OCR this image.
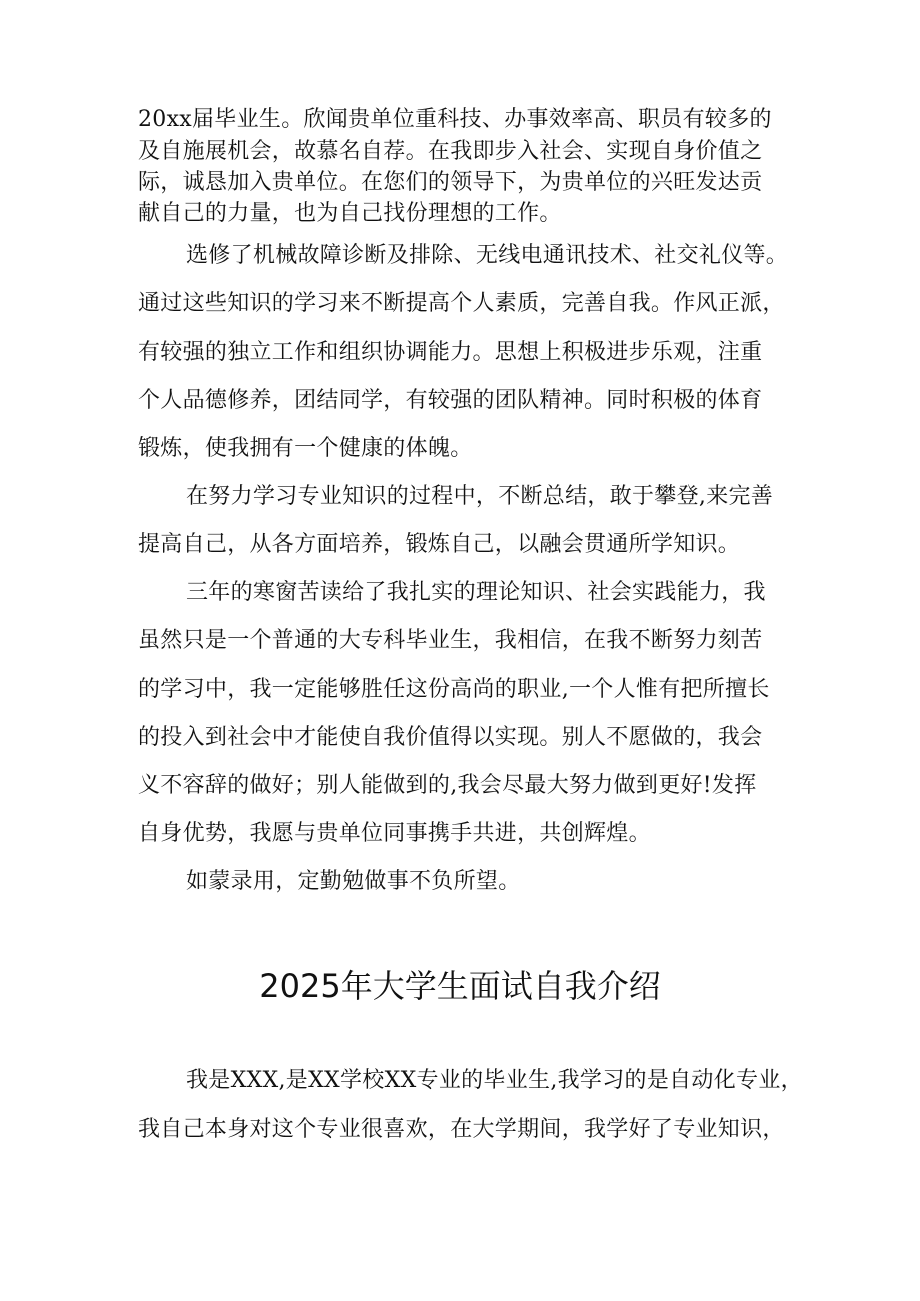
20xx届毕业生。欣闻贵单位重科技、办事效率高、职员有较多的
及自施展机会，故慕名自荐。在我即步入社会、实现自身价值之
际，诚恳加入贵单位。在您们的领导下，为贵单位的兴旺发达贡
献自己的力量，也为自己找份理想的工作。
选修了机械故障诊断及排除、无线电通讯技术、社交礼仪等。
通过这些知识的学习来不断提高个人素质，完善自我。作风正派，
有较强的独立工作和组织协调能力。思想上积极进步乐观，注重
个人品德修养，团结同学，有较强的团队精神。同时积极的体育
锻炼，使我拥有一个健康的体魄。
在努力学习专业知识的过程中，不断总结，敢于攀登,来完善
提高自己，从各方面培养，锻炼自己，以融会贯通所学知识。
三年的寒窗苦读给了我扎实的理论知识、社会实践能力，我
虽然只是一个普通的大专科毕业生，我相信，在我不断努力刻苦
的学习中，我一定能够胜任这份高尚的职业,一个人惟有把所擅长
的投入到社会中才能使自我价值得以实现。别人不愿做的，我会
义不容辞的做好；别人能做到的,我会尽最大努力做到更好!发挥
自身优势，我愿与贵单位同事携手共进，共创辉煌。
如蒙录用，定勤勉做事不负所望。
2025年大学生面试自我介绍
我是XXX,是XX学校XX专业的毕业生,我学习的是自动化专业，
我自己本身对这个专业很喜欢，在大学期间，我学好了专业知识，
